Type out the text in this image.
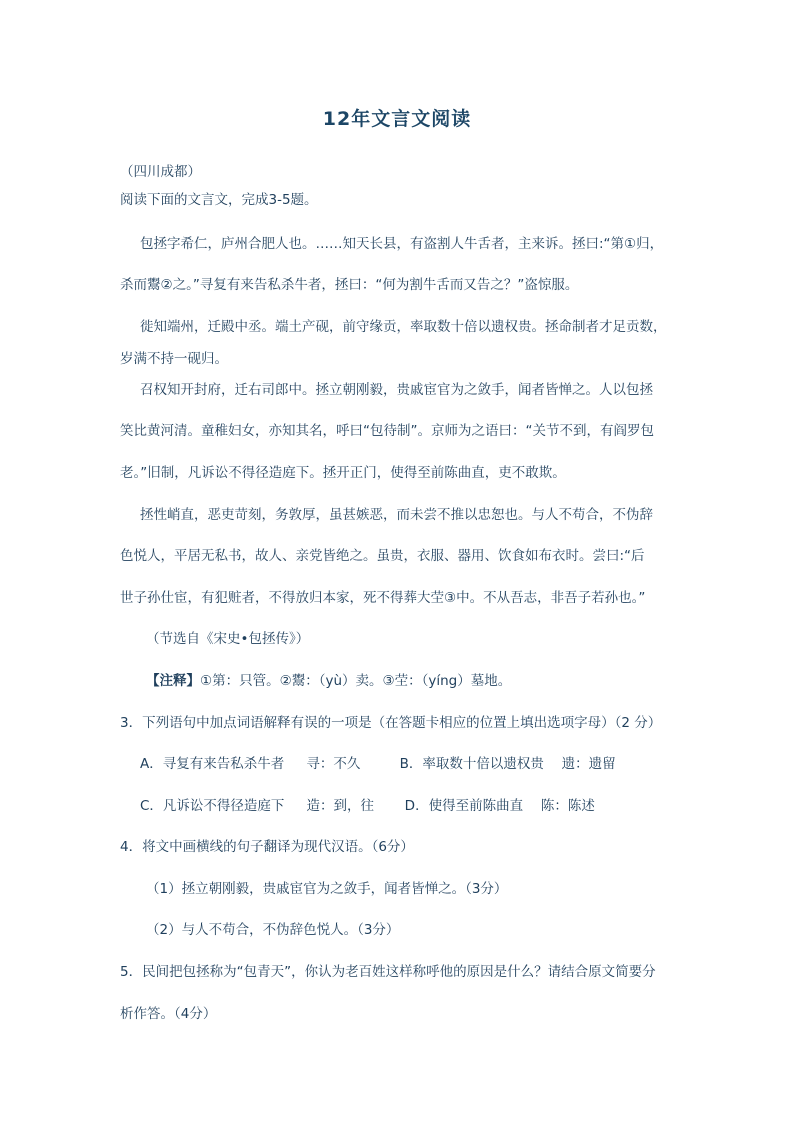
12年文言文阅读
（四川成都）
阅读下面的文言文，完成3-5题。
包拯字希仁，庐州合肥人也。……知天长县，有盗割人牛舌者，主来诉。拯曰:“第①归，
杀而鬻②之。”寻复有来告私杀牛者，拯曰：“何为割牛舌而又告之？”盗惊服。
徙知端州，迁殿中丞。端土产砚，前守缘贡，率取数十倍以遗权贵。拯命制者才足贡数，
岁满不持一砚归。
召权知开封府，迁右司郎中。拯立朝刚毅，贵戚宦官为之敛手，闻者皆惮之。人以包拯
笑比黄河清。童稚妇女，亦知其名，呼曰“包待制”。京师为之语曰：“关节不到，有阎罗包
老。”旧制，凡诉讼不得径造庭下。拯开正门，使得至前陈曲直，吏不敢欺。
拯性峭直，恶吏苛刻，务敦厚，虽甚嫉恶，而未尝不推以忠恕也。与人不苟合，不伪辞
色悦人，平居无私书，故人、亲党皆绝之。虽贵，衣服、器用、饮食如布衣时。尝曰:“后
世子孙仕宦，有犯赃者，不得放归本家，死不得葬大茔③中。不从吾志，非吾子若孙也。”
（节选自《宋史•包拯传》）
【注释】①第：只管。②鬻：（yù）卖。③茔：（yíng）墓地。
3．下列语句中加点词语解释有误的一项是（在答题卡相应的位置上填出选项字母）（2 分）
A．寻复有来告私杀牛者　  寻：不久　      B．率取数十倍以遗权贵　 遗：遗留
C．凡诉讼不得径造庭下　  造：到，往　    D．使得至前陈曲直　 陈：陈述
4．将文中画横线的句子翻译为现代汉语。（6分）
（1）拯立朝刚毅，贵戚宦官为之敛手，闻者皆惮之。（3分）
（2）与人不苟合，不伪辞色悦人。（3分）
5．民间把包拯称为“包青天”，你认为老百姓这样称呼他的原因是什么？请结合原文简要分
析作答。（4分）
